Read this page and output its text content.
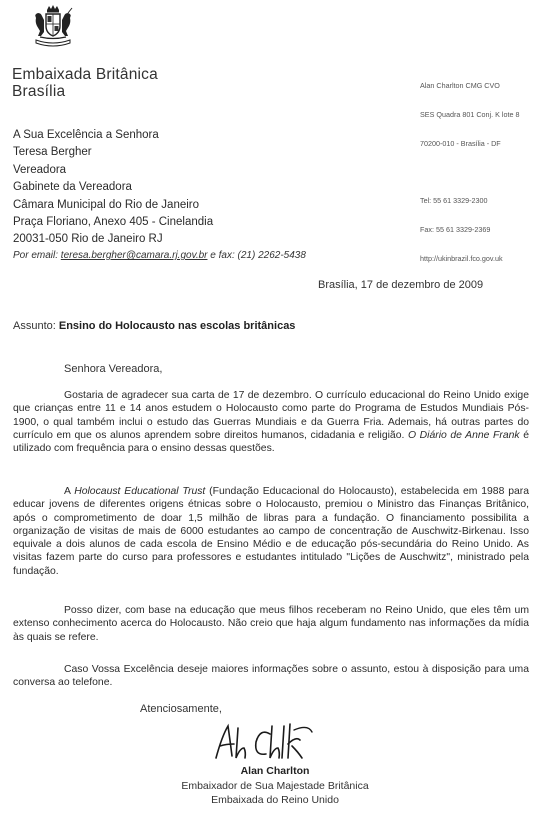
Embaixada Britânica
Brasília

	Alan Charlton CMG CVO

SES Quadra 801 Conj. K lote 8

70200-010 - Brasília - DF

Tel: 55 61 3329-2300

Fax: 55 61 3329-2369

http://ukinbrazil.fco.gov.uk

A Sua Excelência a Senhora
Teresa Bergher
Vereadora
Gabinete da Vereadora
Câmara Municipal do Rio de Janeiro
Praça Floriano, Anexo 405 - Cinelandia
20031-050 Rio de Janeiro RJ
Por email: teresa.bergher@camara.rj.gov.br e fax: (21) 2262-5438
Brasília, 17 de dezembro de 2009
Assunto: Ensino do Holocausto nas escolas britânicas
Senhora Vereadora,
Gostaria de agradecer sua carta de 17 de dezembro. O currículo educacional do Reino Unido exige que crianças entre 11 e 14 anos estudem o Holocausto como parte do Programa de Estudos Mundiais Pós-1900, o qual também inclui o estudo das Guerras Mundiais e da Guerra Fria. Ademais, há outras partes do currículo em que os alunos aprendem sobre direitos humanos, cidadania e religião. O Diário de Anne Frank é utilizado com frequência para o ensino dessas questões.
A Holocaust Educational Trust (Fundação Educacional do Holocausto), estabelecida em 1988 para educar jovens de diferentes origens étnicas sobre o Holocausto, premiou o Ministro das Finanças Britânico, após o comprometimento de doar 1,5 milhão de libras para a fundação. O financiamento possibilita a organização de visitas de mais de 6000 estudantes ao campo de concentração de Auschwitz-Birkenau. Isso equivale a dois alunos de cada escola de Ensino Médio e de educação pós-secundária do Reino Unido. As visitas fazem parte do curso para professores e estudantes intitulado "Lições de Auschwitz", ministrado pela fundação.
Posso dizer, com base na educação que meus filhos receberam no Reino Unido, que eles têm um extenso conhecimento acerca do Holocausto. Não creio que haja algum fundamento nas informações da mídia às quais se refere.
Caso Vossa Excelência deseje maiores informações sobre o assunto, estou à disposição para uma conversa ao telefone.
Atenciosamente,
Alan Charlton
Embaixador de Sua Majestade Britânica
Embaixada do Reino Unido
